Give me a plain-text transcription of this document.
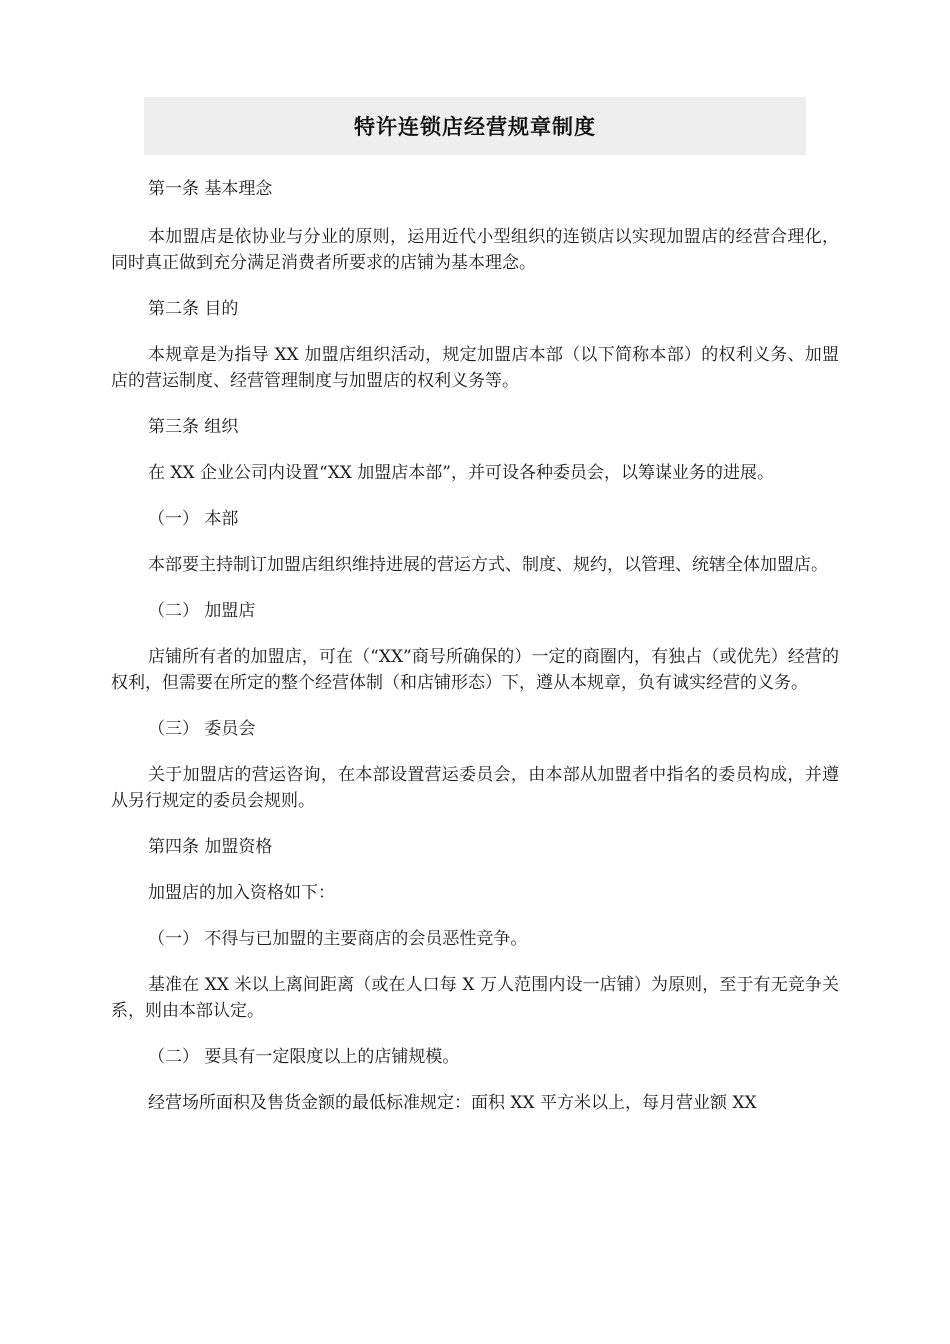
特许连锁店经营规章制度

第一条 基本理念

本加盟店是依协业与分业的原则，运用近代小型组织的连锁店以实现加盟店的经营合理化，同时真正做到充分满足消费者所要求的店铺为基本理念。

第二条 目的

本规章是为指导 XX 加盟店组织活动，规定加盟店本部（以下简称本部）的权利义务、加盟店的营运制度、经营管理制度与加盟店的权利义务等。

第三条 组织

在 XX 企业公司内设置“XX 加盟店本部”，并可设各种委员会，以筹谋业务的进展。

（一） 本部

本部要主持制订加盟店组织维持进展的营运方式、制度、规约，以管理、统辖全体加盟店。

（二） 加盟店

店铺所有者的加盟店，可在（“XX”商号所确保的）一定的商圈内，有独占（或优先）经营的权利，但需要在所定的整个经营体制（和店铺形态）下，遵从本规章，负有诚实经营的义务。

（三） 委员会

关于加盟店的营运咨询，在本部设置营运委员会，由本部从加盟者中指名的委员构成，并遵从另行规定的委员会规则。

第四条 加盟资格

加盟店的加入资格如下：

（一） 不得与已加盟的主要商店的会员恶性竞争。

基准在 XX 米以上离间距离（或在人口每 X 万人范围内设一店铺）为原则，至于有无竞争关系，则由本部认定。

（二） 要具有一定限度以上的店铺规模。

经营场所面积及售货金额的最低标准规定：面积 XX 平方米以上，每月营业额 XX
